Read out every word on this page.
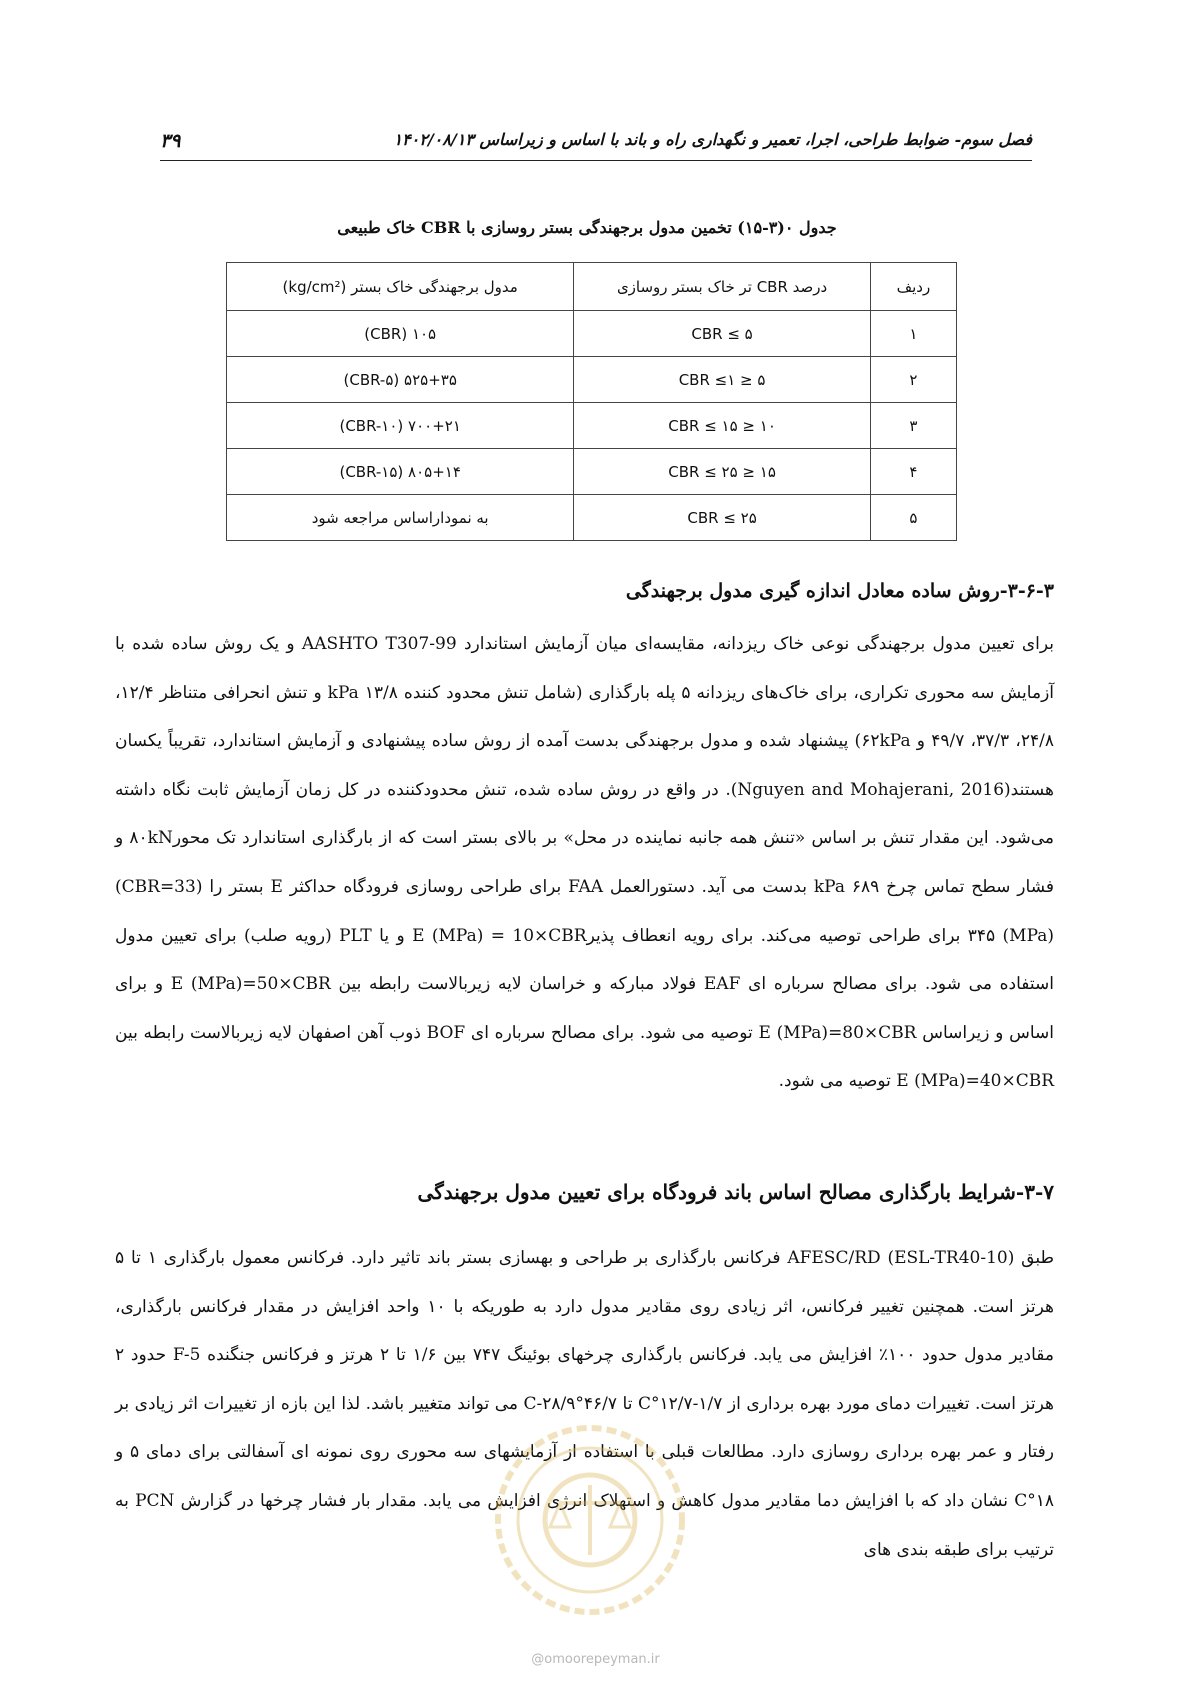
۳۹	فصل سوم- ضوابط طراحی، اجرا، تعمیر و نگهداری راه و باند با اساس و زیراساس ۱۴۰۲/۰۸/۱۳
جدول ۰(۳-۱۵) تخمین مدول برجهندگی بستر روسازی با CBR خاک طبیعی
ردیف	درصد CBR تر خاک بستر روسازی	مدول برجهندگی خاک بستر (kg/cm²)
۱	CBR ≤ ۵	۱۰۵ (CBR)
۲	۵ ≤ CBR ≤۱	۵۲۵+۳۵ (CBR-۵)
۳	۱۰ ≤ CBR ≤ ۱۵	۷۰۰+۲۱ (CBR-۱۰)
۴	۱۵ ≤ CBR ≤ ۲۵	۸۰۵+۱۴ (CBR-۱۵)
۵	CBR ≤ ۲۵	به نموداراساس مراجعه شود
۳-۶-۳-روش ساده معادل اندازه گیری مدول برجهندگی

برای تعیین مدول برجهندگی نوعی خاک ریزدانه، مقایسه‌ای میان آزمایش استاندارد AASHTO T307-99 و یک روش ساده شده با آزمایش سه محوری تکراری، برای خاک‌های ریزدانه ۵ پله بارگذاری (شامل تنش محدود کننده kPa ۱۳/۸ و تنش انحرافی متناظر ۱۲/۴، ۲۴/۸، ۳۷/۳، ۴۹/۷ و ۶۲kPa) پیشنهاد شده و مدول برجهندگی بدست آمده از روش ساده پیشنهادی و آزمایش استاندارد، تقریباً یکسان هستند(Nguyen and Mohajerani, 2016). در واقع در روش ساده شده، تنش محدودکننده در کل زمان آزمایش ثابت نگاه داشته می‌شود. این مقدار تنش بر اساس «تنش همه جانبه نماینده در محل» بر بالای بستر است که از بارگذاری استاندارد تک محور۸۰kN و فشار سطح تماس چرخ ۶۸۹ kPa بدست می آید. دستورالعمل FAA برای طراحی روسازی فرودگاه حداکثر E بستر را (CBR=33) (MPa) ۳۴۵ برای طراحی توصیه می‌کند. برای رویه انعطاف پذیرE (MPa) = 10×CBR و یا PLT (رویه صلب) برای تعیین مدول استفاده می شود. برای مصالح سرباره ای EAF فولاد مبارکه و خراسان لایه زیربالاست رابطه بین E (MPa)=50×CBR و برای اساس و زیراساس E (MPa)=80×CBR توصیه می شود. برای مصالح سرباره ای BOF ذوب آهن اصفهان لایه زیربالاست رابطه بین E (MPa)=40×CBR توصیه می شود.

۳-۷-شرایط بارگذاری مصالح اساس باند فرودگاه برای تعیین مدول برجهندگی

طبق AFESC/RD (ESL-TR40-10) فرکانس بارگذاری بر طراحی و بهسازی بستر باند تاثیر دارد. فرکانس معمول بارگذاری ۱ تا ۵ هرتز است. همچنین تغییر فرکانس، اثر زیادی روی مقادیر مدول دارد به طوریکه با ۱۰ واحد افزایش در مقدار فرکانس بارگذاری، مقادیر مدول حدود ۱۰۰٪ افزایش می یابد. فرکانس بارگذاری چرخهای بوئینگ ۷۴۷ بین ۱/۶ تا ۲ هرتز و فرکانس جنگنده F-5 حدود ۲ هرتز است. تغییرات دمای مورد بهره برداری از ۱/۷-۱۲/۷°C تا ۴۶/۷°C-۲۸/۹ می تواند متغییر باشد. لذا این بازه از تغییرات اثر زیادی بر رفتار و عمر بهره برداری روسازی دارد. مطالعات قبلی با استفاده از آزمایشهای سه محوری روی نمونه ای آسفالتی برای دمای ۵ و ۱۸°C نشان داد که با افزایش دما مقادیر مدول کاهش و استهلاک انرژی افزایش می یابد. مقدار بار فشار چرخها در گزارش PCN به ترتیب برای طبقه بندی های

@omoorepeyman.ir
